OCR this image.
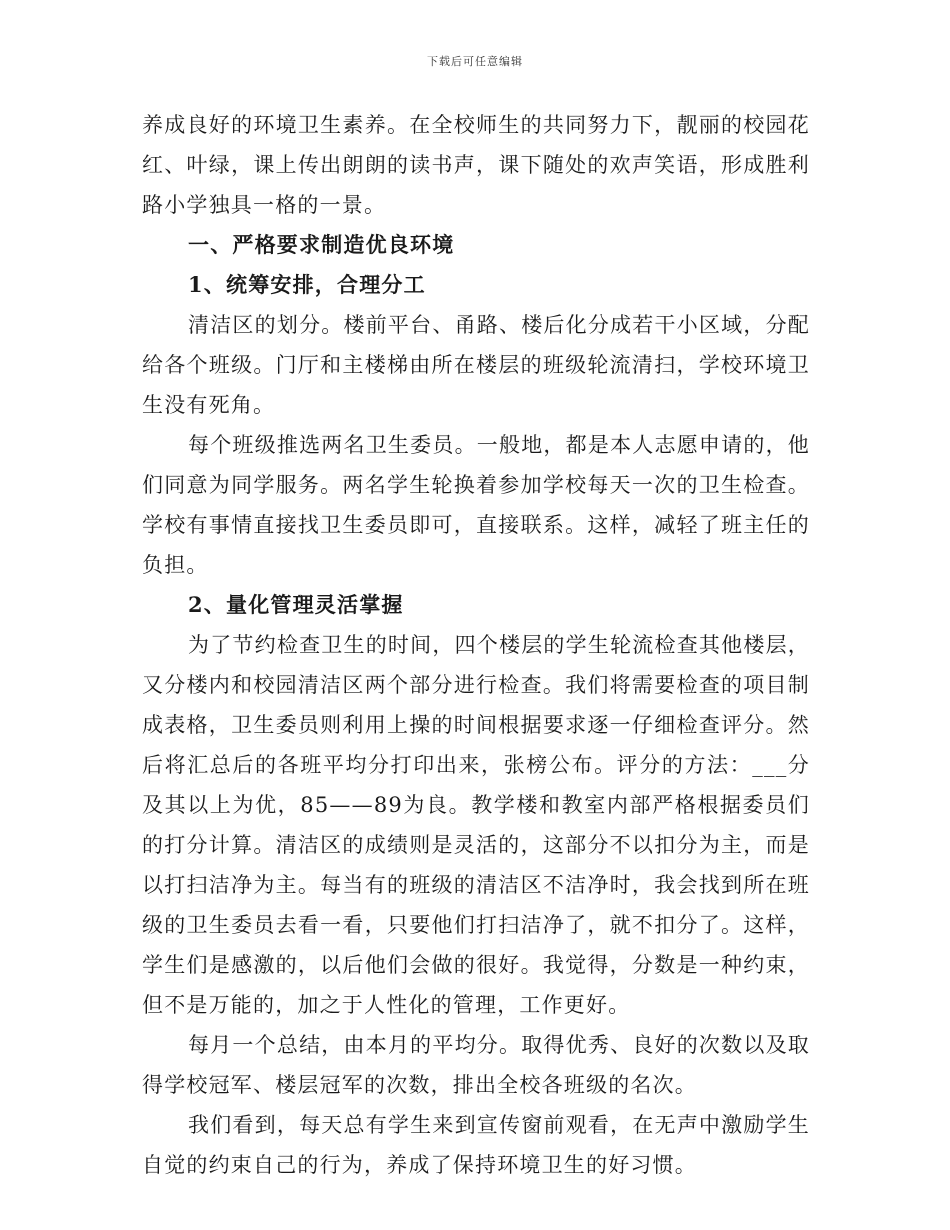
下载后可任意编辑

养成良好的环境卫生素养。在全校师生的共同努力下，靓丽的校园花红、叶绿，课上传出朗朗的读书声，课下随处的欢声笑语，形成胜利路小学独具一格的一景。

一、严格要求制造优良环境
1、统筹安排，合理分工

清洁区的划分。楼前平台、甬路、楼后化分成若干小区域，分配给各个班级。门厅和主楼梯由所在楼层的班级轮流清扫，学校环境卫生没有死角。

每个班级推选两名卫生委员。一般地，都是本人志愿申请的，他们同意为同学服务。两名学生轮换着参加学校每天一次的卫生检查。学校有事情直接找卫生委员即可，直接联系。这样，减轻了班主任的负担。

2、量化管理灵活掌握

为了节约检查卫生的时间，四个楼层的学生轮流检查其他楼层，又分楼内和校园清洁区两个部分进行检查。我们将需要检查的项目制成表格，卫生委员则利用上操的时间根据要求逐一仔细检查评分。然后将汇总后的各班平均分打印出来，张榜公布。评分的方法：___分及其以上为优，85——89为良。教学楼和教室内部严格根据委员们的打分计算。清洁区的成绩则是灵活的，这部分不以扣分为主，而是以打扫洁净为主。每当有的班级的清洁区不洁净时，我会找到所在班级的卫生委员去看一看，只要他们打扫洁净了，就不扣分了。这样，学生们是感激的，以后他们会做的很好。我觉得，分数是一种约束，但不是万能的，加之于人性化的管理，工作更好。

每月一个总结，由本月的平均分。取得优秀、良好的次数以及取得学校冠军、楼层冠军的次数，排出全校各班级的名次。

我们看到，每天总有学生来到宣传窗前观看，在无声中激励学生自觉的约束自己的行为，养成了保持环境卫生的好习惯。
